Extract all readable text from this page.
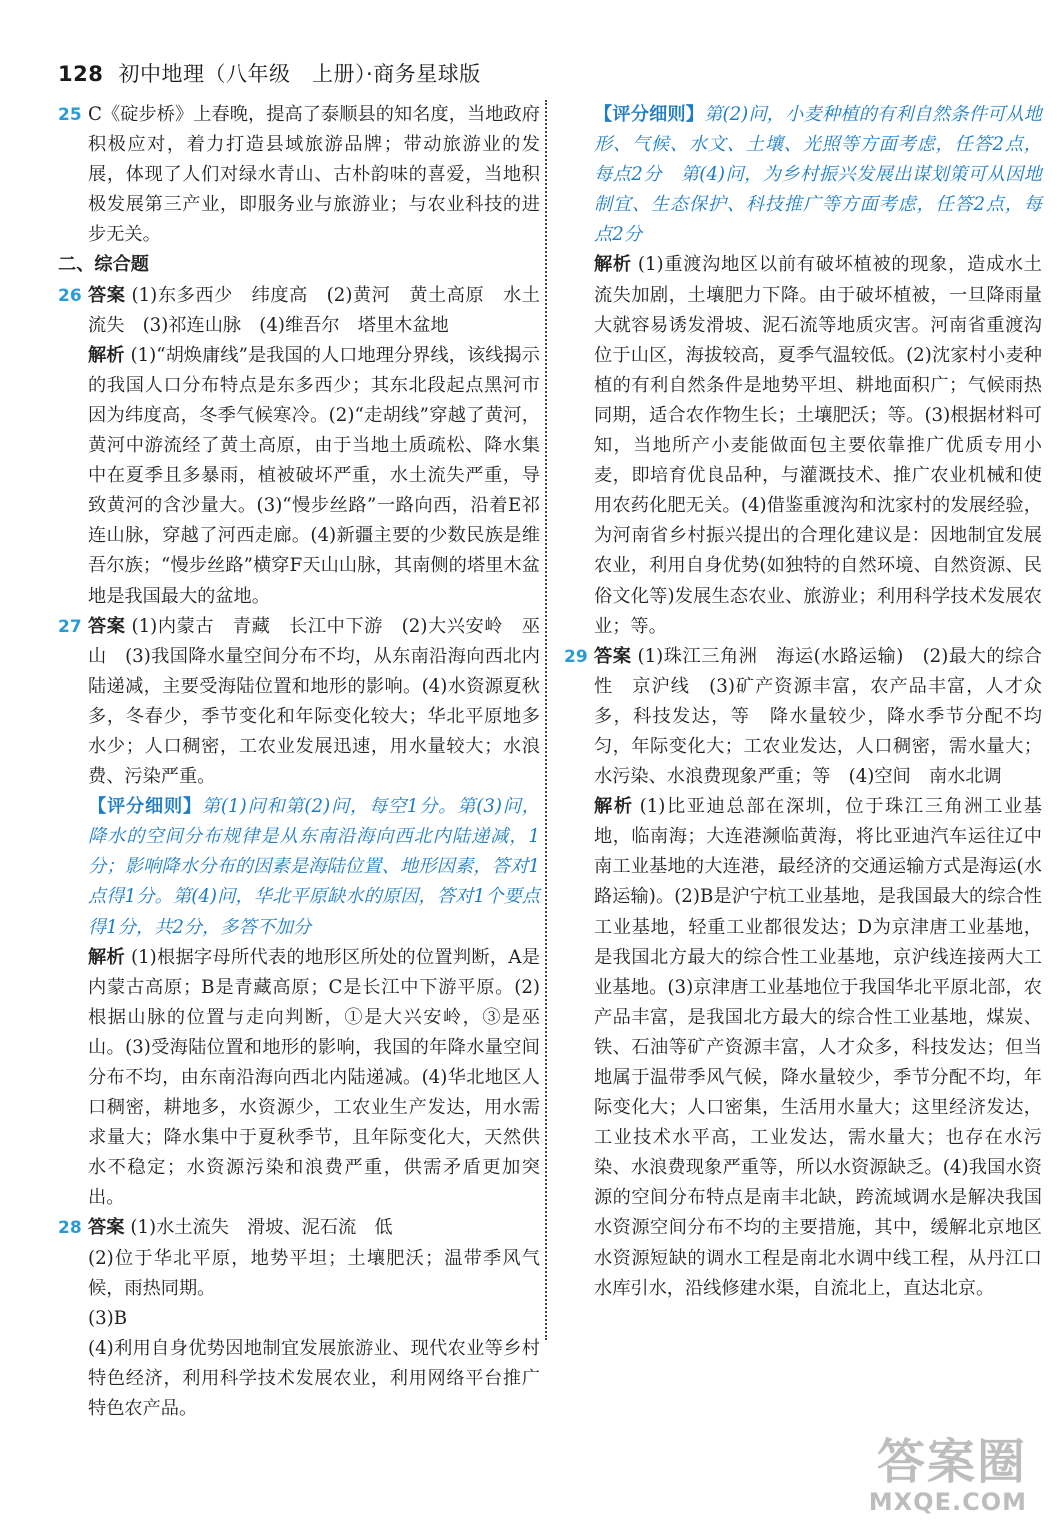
128 初中地理（八年级　上册）·商务星球版
25 C《碇步桥》上春晚，提高了泰顺县的知名度，当地政府积极应对，着力打造县域旅游品牌；带动旅游业的发展，体现了人们对绿水青山、古朴韵味的喜爱，当地积极发展第三产业，即服务业与旅游业；与农业科技的进步无关。
二、综合题
26 答案 (1)东多西少　纬度高　(2)黄河　黄土高原　水土流失　(3)祁连山脉　(4)维吾尔　塔里木盆地
解析 (1)“胡焕庸线”是我国的人口地理分界线，该线揭示的我国人口分布特点是东多西少；其东北段起点黑河市因为纬度高，冬季气候寒冷。(2)“走胡线”穿越了黄河，黄河中游流经了黄土高原，由于当地土质疏松、降水集中在夏季且多暴雨，植被破坏严重，水土流失严重，导致黄河的含沙量大。(3)“慢步丝路”一路向西，沿着E祁连山脉，穿越了河西走廊。(4)新疆主要的少数民族是维吾尔族；“慢步丝路”横穿F天山山脉，其南侧的塔里木盆地是我国最大的盆地。
27 答案 (1)内蒙古　青藏　长江中下游　(2)大兴安岭　巫山　(3)我国降水量空间分布不均，从东南沿海向西北内陆递减，主要受海陆位置和地形的影响。(4)水资源夏秋多，冬春少，季节变化和年际变化较大；华北平原地多水少；人口稠密，工农业发展迅速，用水量较大；水浪费、污染严重。
【评分细则】第(1)问和第(2)问，每空1分。第(3)问，降水的空间分布规律是从东南沿海向西北内陆递减，1分；影响降水分布的因素是海陆位置、地形因素，答对1点得1分。第(4)问，华北平原缺水的原因，答对1个要点得1分，共2分，多答不加分
解析 (1)根据字母所代表的地形区所处的位置判断，A是内蒙古高原；B是青藏高原；C是长江中下游平原。(2)根据山脉的位置与走向判断，①是大兴安岭，③是巫山。(3)受海陆位置和地形的影响，我国的年降水量空间分布不均，由东南沿海向西北内陆递减。(4)华北地区人口稠密，耕地多，水资源少，工农业生产发达，用水需求量大；降水集中于夏秋季节，且年际变化大，天然供水不稳定；水资源污染和浪费严重，供需矛盾更加突出。
28 答案 (1)水土流失　滑坡、泥石流　低
(2)位于华北平原，地势平坦；土壤肥沃；温带季风气候，雨热同期。
(3)B
(4)利用自身优势因地制宜发展旅游业、现代农业等乡村特色经济，利用科学技术发展农业，利用网络平台推广特色农产品。
【评分细则】第(2)问，小麦种植的有利自然条件可从地形、气候、水文、土壤、光照等方面考虑，任答2点，每点2分　第(4)问，为乡村振兴发展出谋划策可从因地制宜、生态保护、科技推广等方面考虑，任答2点，每点2分
解析 (1)重渡沟地区以前有破坏植被的现象，造成水土流失加剧，土壤肥力下降。由于破坏植被，一旦降雨量大就容易诱发滑坡、泥石流等地质灾害。河南省重渡沟位于山区，海拔较高，夏季气温较低。(2)沈家村小麦种植的有利自然条件是地势平坦、耕地面积广；气候雨热同期，适合农作物生长；土壤肥沃；等。(3)根据材料可知，当地所产小麦能做面包主要依靠推广优质专用小麦，即培育优良品种，与灌溉技术、推广农业机械和使用农药化肥无关。(4)借鉴重渡沟和沈家村的发展经验，为河南省乡村振兴提出的合理化建议是：因地制宜发展农业，利用自身优势(如独特的自然环境、自然资源、民俗文化等)发展生态农业、旅游业；利用科学技术发展农业；等。
29 答案 (1)珠江三角洲　海运(水路运输)　(2)最大的综合性　京沪线　(3)矿产资源丰富，农产品丰富，人才众多，科技发达，等　降水量较少，降水季节分配不均匀，年际变化大；工农业发达，人口稠密，需水量大；水污染、水浪费现象严重；等　(4)空间　南水北调
解析 (1)比亚迪总部在深圳，位于珠江三角洲工业基地，临南海；大连港濒临黄海，将比亚迪汽车运往辽中南工业基地的大连港，最经济的交通运输方式是海运(水路运输)。(2)B是沪宁杭工业基地，是我国最大的综合性工业基地，轻重工业都很发达；D为京津唐工业基地，是我国北方最大的综合性工业基地，京沪线连接两大工业基地。(3)京津唐工业基地位于我国华北平原北部，农产品丰富，是我国北方最大的综合性工业基地，煤炭、铁、石油等矿产资源丰富，人才众多，科技发达；但当地属于温带季风气候，降水量较少，季节分配不均，年际变化大；人口密集，生活用水量大；这里经济发达，工业技术水平高，工业发达，需水量大；也存在水污染、水浪费现象严重等，所以水资源缺乏。(4)我国水资源的空间分布特点是南丰北缺，跨流域调水是解决我国水资源空间分布不均的主要措施，其中，缓解北京地区水资源短缺的调水工程是南北水调中线工程，从丹江口水库引水，沿线修建水渠，自流北上，直达北京。
答案圈
MXQE.COM
